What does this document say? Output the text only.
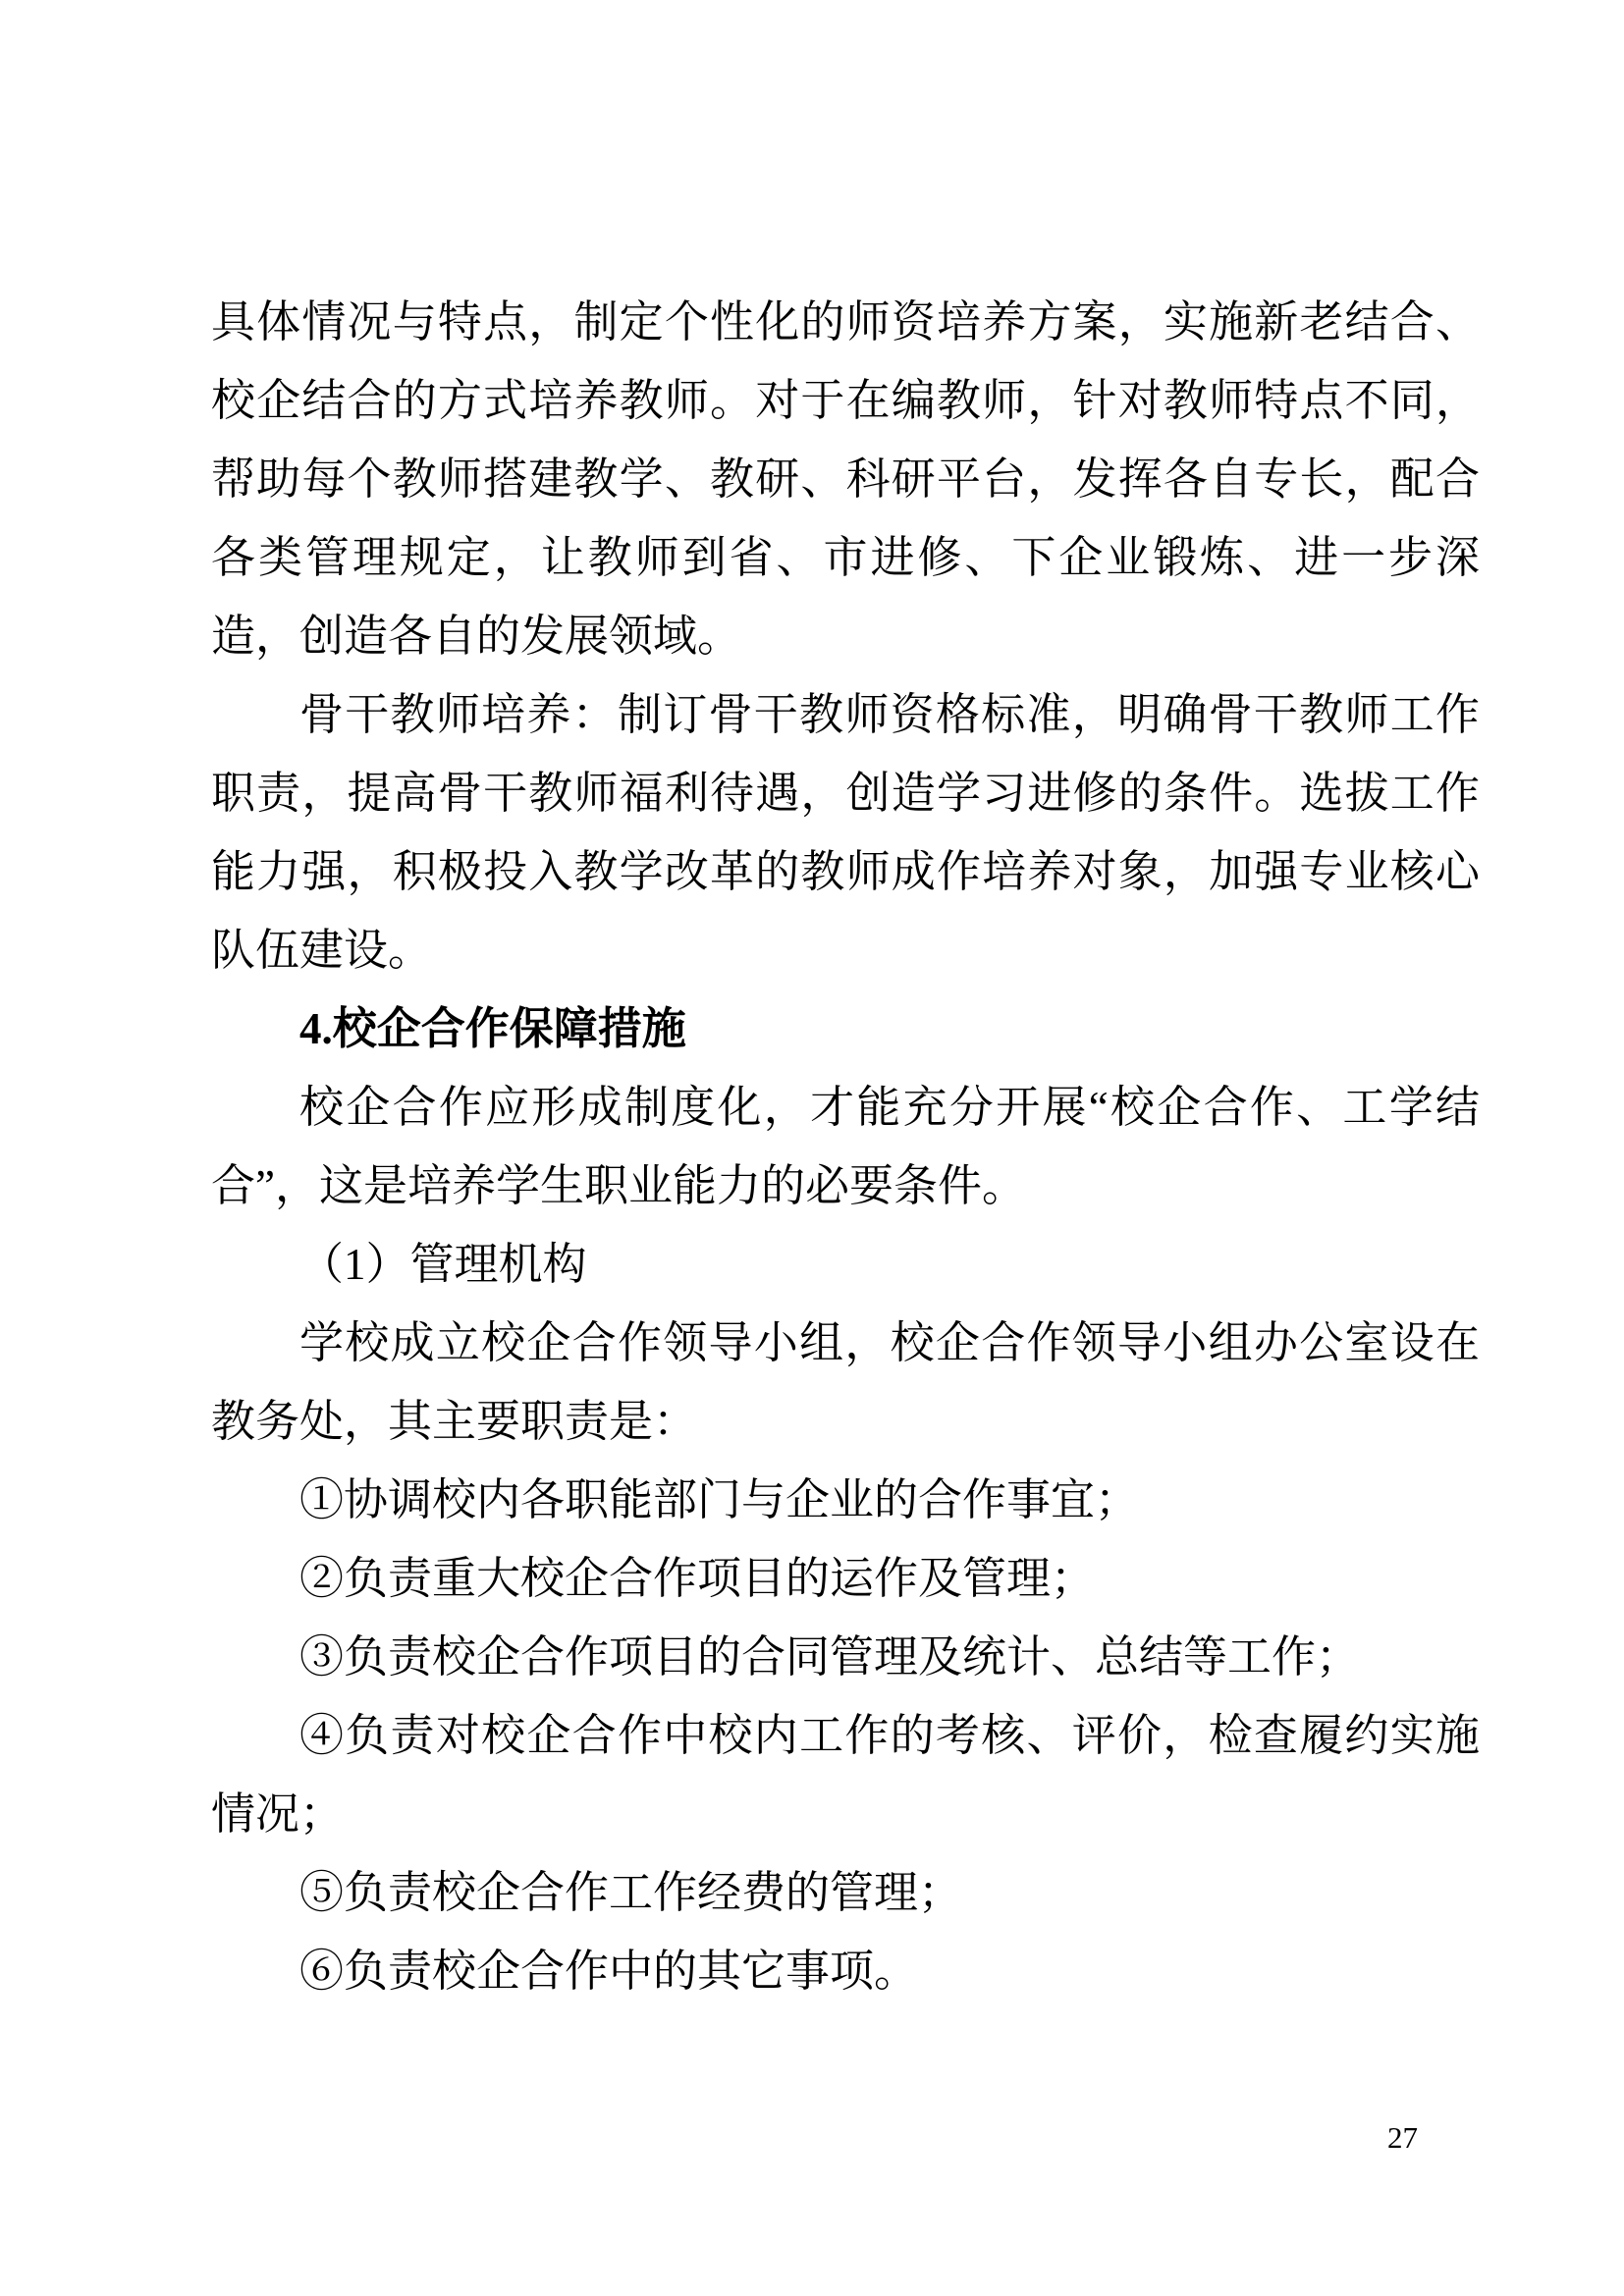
具体情况与特点，制定个性化的师资培养方案，实施新老结合、校企结合的方式培养教师。对于在编教师，针对教师特点不同，帮助每个教师搭建教学、教研、科研平台，发挥各自专长，配合各类管理规定，让教师到省、市进修、下企业锻炼、进一步深造，创造各自的发展领域。

骨干教师培养：制订骨干教师资格标准，明确骨干教师工作职责，提高骨干教师福利待遇，创造学习进修的条件。选拔工作能力强，积极投入教学改革的教师成作培养对象，加强专业核心队伍建设。

4.校企合作保障措施

校企合作应形成制度化，才能充分开展“校企合作、工学结合”，这是培养学生职业能力的必要条件。

（1）管理机构

学校成立校企合作领导小组，校企合作领导小组办公室设在教务处，其主要职责是：

①协调校内各职能部门与企业的合作事宜；

②负责重大校企合作项目的运作及管理；

③负责校企合作项目的合同管理及统计、总结等工作；

④负责对校企合作中校内工作的考核、评价，检查履约实施情况；

⑤负责校企合作工作经费的管理；

⑥负责校企合作中的其它事项。

27
